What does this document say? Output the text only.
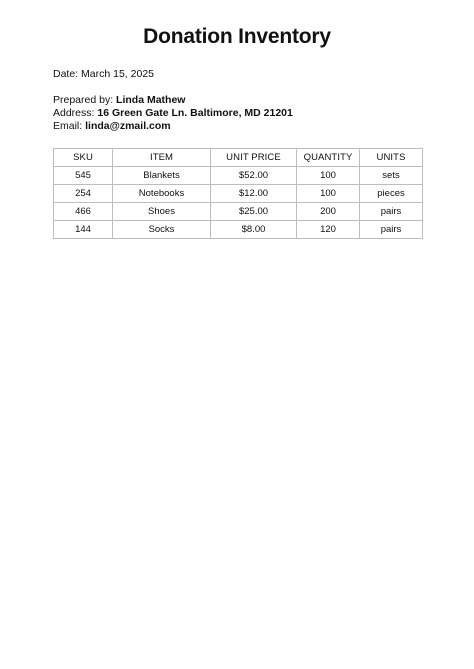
Donation Inventory
Date: March 15, 2025
Prepared by: Linda Mathew
Address: 16 Green Gate Ln. Baltimore, MD 21201
Email: linda@zmail.com
SKU	ITEM	UNIT PRICE	QUANTITY	UNITS
545	Blankets	$52.00	100	sets
254	Notebooks	$12.00	100	pieces
466	Shoes	$25.00	200	pairs
144	Socks	$8.00	120	pairs
